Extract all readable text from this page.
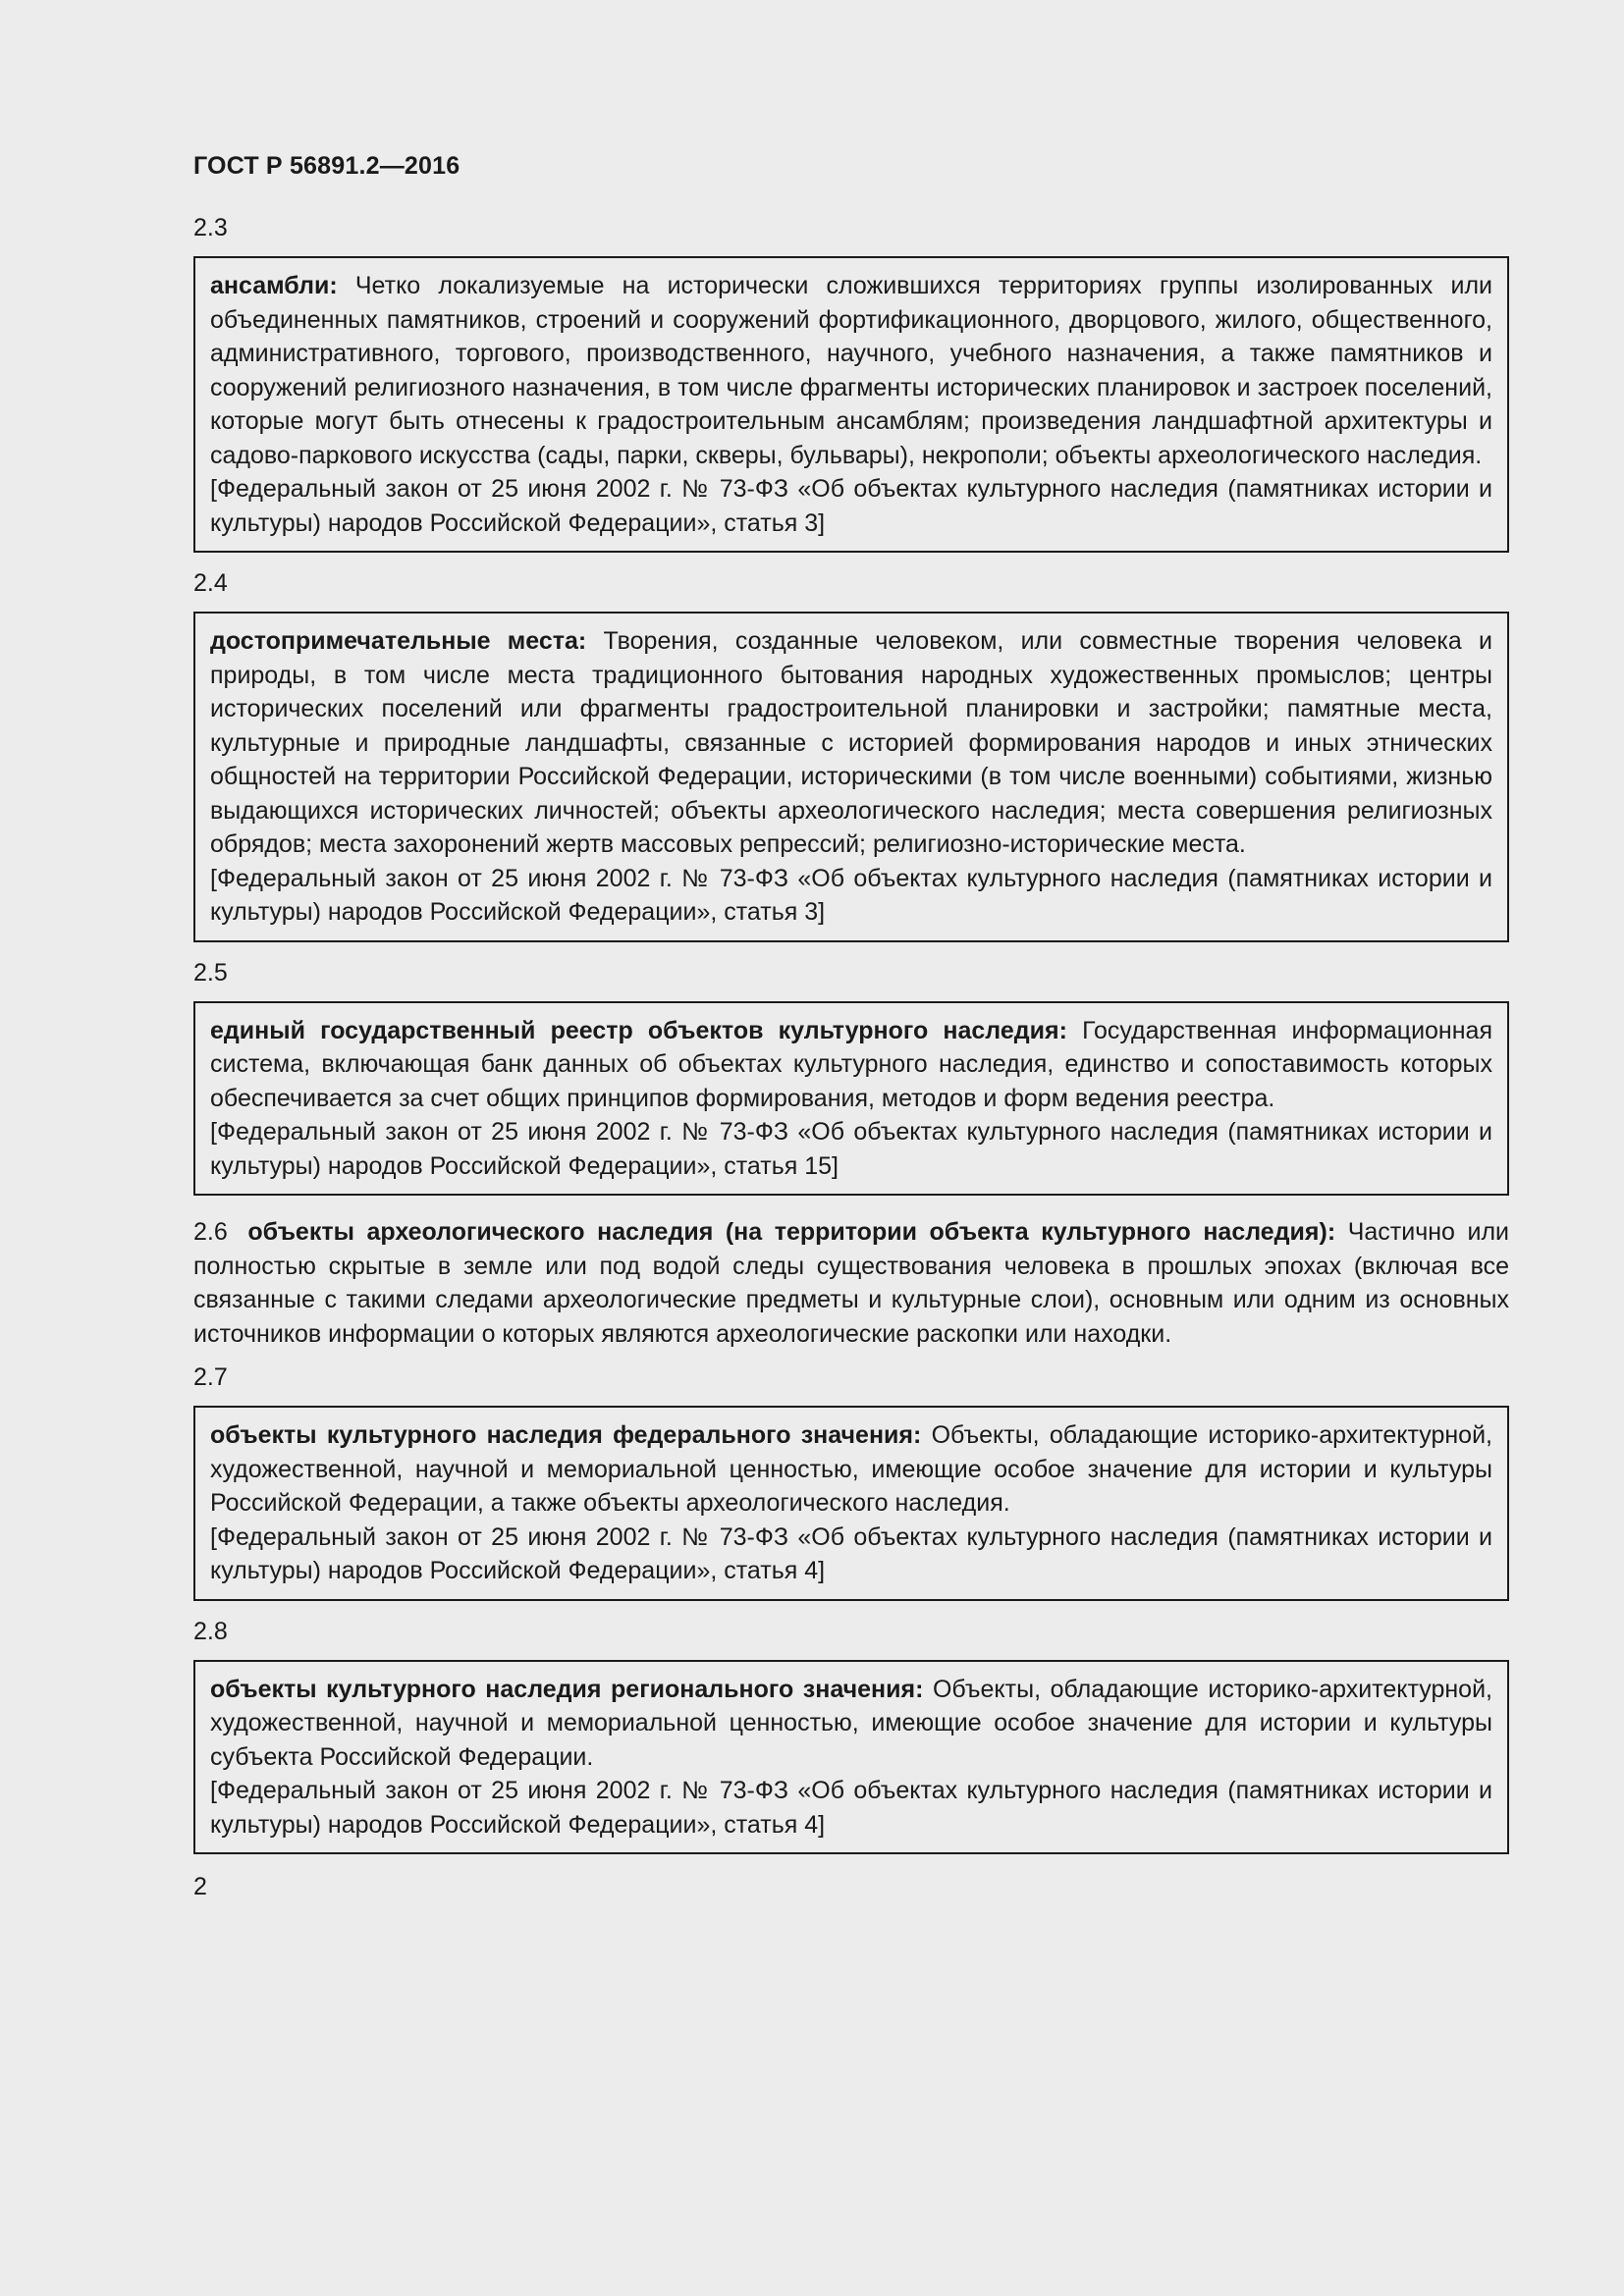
ГОСТ Р 56891.2—2016
2.3

ансамбли: Четко локализуемые на исторически сложившихся территориях группы изолированных или объединенных памятников, строений и сооружений фортификационного, дворцового, жилого, общественного, административного, торгового, производственного, научного, учебного назначения, а также памятников и сооружений религиозного назначения, в том числе фрагменты исторических планировок и застроек поселений, которые могут быть отнесены к градостроительным ансамблям; произведения ландшафтной архитектуры и садово-паркового искусства (сады, парки, скверы, бульвары), некрополи; объекты археологического наследия.

[Федеральный закон от 25 июня 2002 г. № 73-ФЗ «Об объектах культурного наследия (памятниках истории и культуры) народов Российской Федерации», статья 3]

2.4

достопримечательные места: Творения, созданные человеком, или совместные творения человека и природы, в том числе места традиционного бытования народных художественных промыслов; центры исторических поселений или фрагменты градостроительной планировки и застройки; памятные места, культурные и природные ландшафты, связанные с историей формирования народов и иных этнических общностей на территории Российской Федерации, историческими (в том числе военными) событиями, жизнью выдающихся исторических личностей; объекты археологического наследия; места совершения религиозных обрядов; места захоронений жертв массовых репрессий; религиозно-исторические места.

[Федеральный закон от 25 июня 2002 г. № 73-ФЗ «Об объектах культурного наследия (памятниках истории и культуры) народов Российской Федерации», статья 3]

2.5

единый государственный реестр объектов культурного наследия: Государственная информационная система, включающая банк данных об объектах культурного наследия, единство и сопоставимость которых обеспечивается за счет общих принципов формирования, методов и форм ведения реестра.

[Федеральный закон от 25 июня 2002 г. № 73-ФЗ «Об объектах культурного наследия (памятниках истории и культуры) народов Российской Федерации», статья 15]

2.6 объекты археологического наследия (на территории объекта культурного наследия): Частично или полностью скрытые в земле или под водой следы существования человека в прошлых эпохах (включая все связанные с такими следами археологические предметы и культурные слои), основным или одним из основных источников информации о которых являются археологические раскопки или находки.
2.7

объекты культурного наследия федерального значения: Объекты, обладающие историко-архитектурной, художественной, научной и мемориальной ценностью, имеющие особое значение для истории и культуры Российской Федерации, а также объекты археологического наследия.

[Федеральный закон от 25 июня 2002 г. № 73-ФЗ «Об объектах культурного наследия (памятниках истории и культуры) народов Российской Федерации», статья 4]

2.8

объекты культурного наследия регионального значения: Объекты, обладающие историко-архитектурной, художественной, научной и мемориальной ценностью, имеющие особое значение для истории и культуры субъекта Российской Федерации.

[Федеральный закон от 25 июня 2002 г. № 73-ФЗ «Об объектах культурного наследия (памятниках истории и культуры) народов Российской Федерации», статья 4]

2
